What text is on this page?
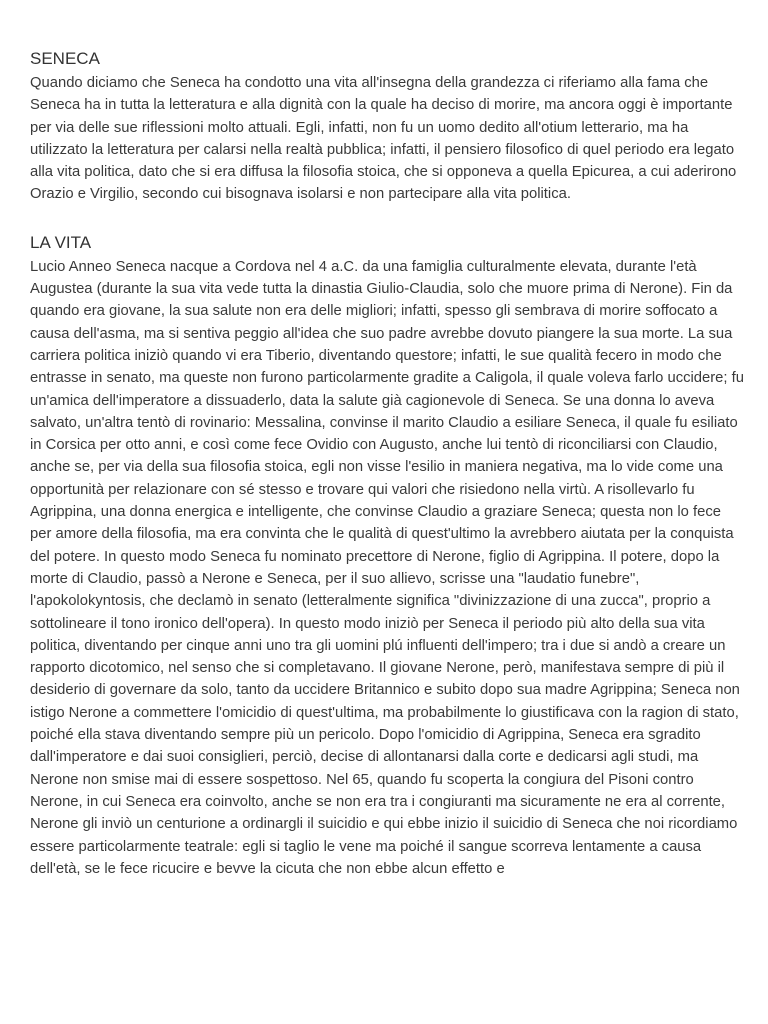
SENECA

Quando diciamo che Seneca ha condotto una vita all'insegna della grandezza ci riferiamo alla fama che Seneca ha in tutta la letteratura e alla dignità con la quale ha deciso di morire, ma ancora oggi è importante per via delle sue riflessioni molto attuali. Egli, infatti, non fu un uomo dedito all'otium letterario, ma ha utilizzato la letteratura per calarsi nella realtà pubblica; infatti, il pensiero filosofico di quel periodo era legato alla vita politica, dato che si era diffusa la filosofia stoica, che si opponeva a quella Epicurea, a cui aderirono Orazio e Virgilio, secondo cui bisognava isolarsi e non partecipare alla vita politica.

LA VITA

Lucio Anneo Seneca nacque a Cordova nel 4 a.C. da una famiglia culturalmente elevata, durante l'età Augustea (durante la sua vita vede tutta la dinastia Giulio-Claudia, solo che muore prima di Nerone). Fin da quando era giovane, la sua salute non era delle migliori; infatti, spesso gli sembrava di morire soffocato a causa dell'asma, ma si sentiva peggio all'idea che suo padre avrebbe dovuto piangere la sua morte. La sua carriera politica iniziò quando vi era Tiberio, diventando questore; infatti, le sue qualità fecero in modo che entrasse in senato, ma queste non furono particolarmente gradite a Caligola, il quale voleva farlo uccidere; fu un'amica dell'imperatore a dissuaderlo, data la salute già cagionevole di Seneca. Se una donna lo aveva salvato, un'altra tentò di rovinario: Messalina, convinse il marito Claudio a esiliare Seneca, il quale fu esiliato in Corsica per otto anni, e così come fece Ovidio con Augusto, anche lui tentò di riconciliarsi con Claudio, anche se, per via della sua filosofia stoica, egli non visse l'esilio in maniera negativa, ma lo vide come una opportunità per relazionare con sé stesso e trovare qui valori che risiedono nella virtù. A risollevarlo fu Agrippina, una donna energica e intelligente, che convinse Claudio a graziare Seneca; questa non lo fece per amore della filosofia, ma era convinta che le qualità di quest'ultimo la avrebbero aiutata per la conquista del potere. In questo modo Seneca fu nominato precettore di Nerone, figlio di Agrippina. Il potere, dopo la morte di Claudio, passò a Nerone e Seneca, per il suo allievo, scrisse una "laudatio funebre", l'apokolokyntosis, che declamò in senato (letteralmente significa "divinizzazione di una zucca", proprio a sottolineare il tono ironico dell'opera). In questo modo iniziò per Seneca il periodo più alto della sua vita politica, diventando per cinque anni uno tra gli uomini plú influenti dell'impero; tra i due si andò a creare un rapporto dicotomico, nel senso che si completavano. Il giovane Nerone, però, manifestava sempre di più il desiderio di governare da solo, tanto da uccidere Britannico e subito dopo sua madre Agrippina; Seneca non istigo Nerone a commettere l'omicidio di quest'ultima, ma probabilmente lo giustificava con la ragion di stato, poiché ella stava diventando sempre più un pericolo. Dopo l'omicidio di Agrippina, Seneca era sgradito dall'imperatore e dai suoi consiglieri, perciò, decise di allontanarsi dalla corte e dedicarsi agli studi, ma Nerone non smise mai di essere sospettoso. Nel 65, quando fu scoperta la congiura del Pisoni contro Nerone, in cui Seneca era coinvolto, anche se non era tra i congiuranti ma sicuramente ne era al corrente, Nerone gli inviò un centurione a ordinargli il suicidio e qui ebbe inizio il suicidio di Seneca che noi ricordiamo essere particolarmente teatrale: egli si taglio le vene ma poiché il sangue scorreva lentamente a causa dell'età, se le fece ricucire e bevve la cicuta che non ebbe alcun effetto e
